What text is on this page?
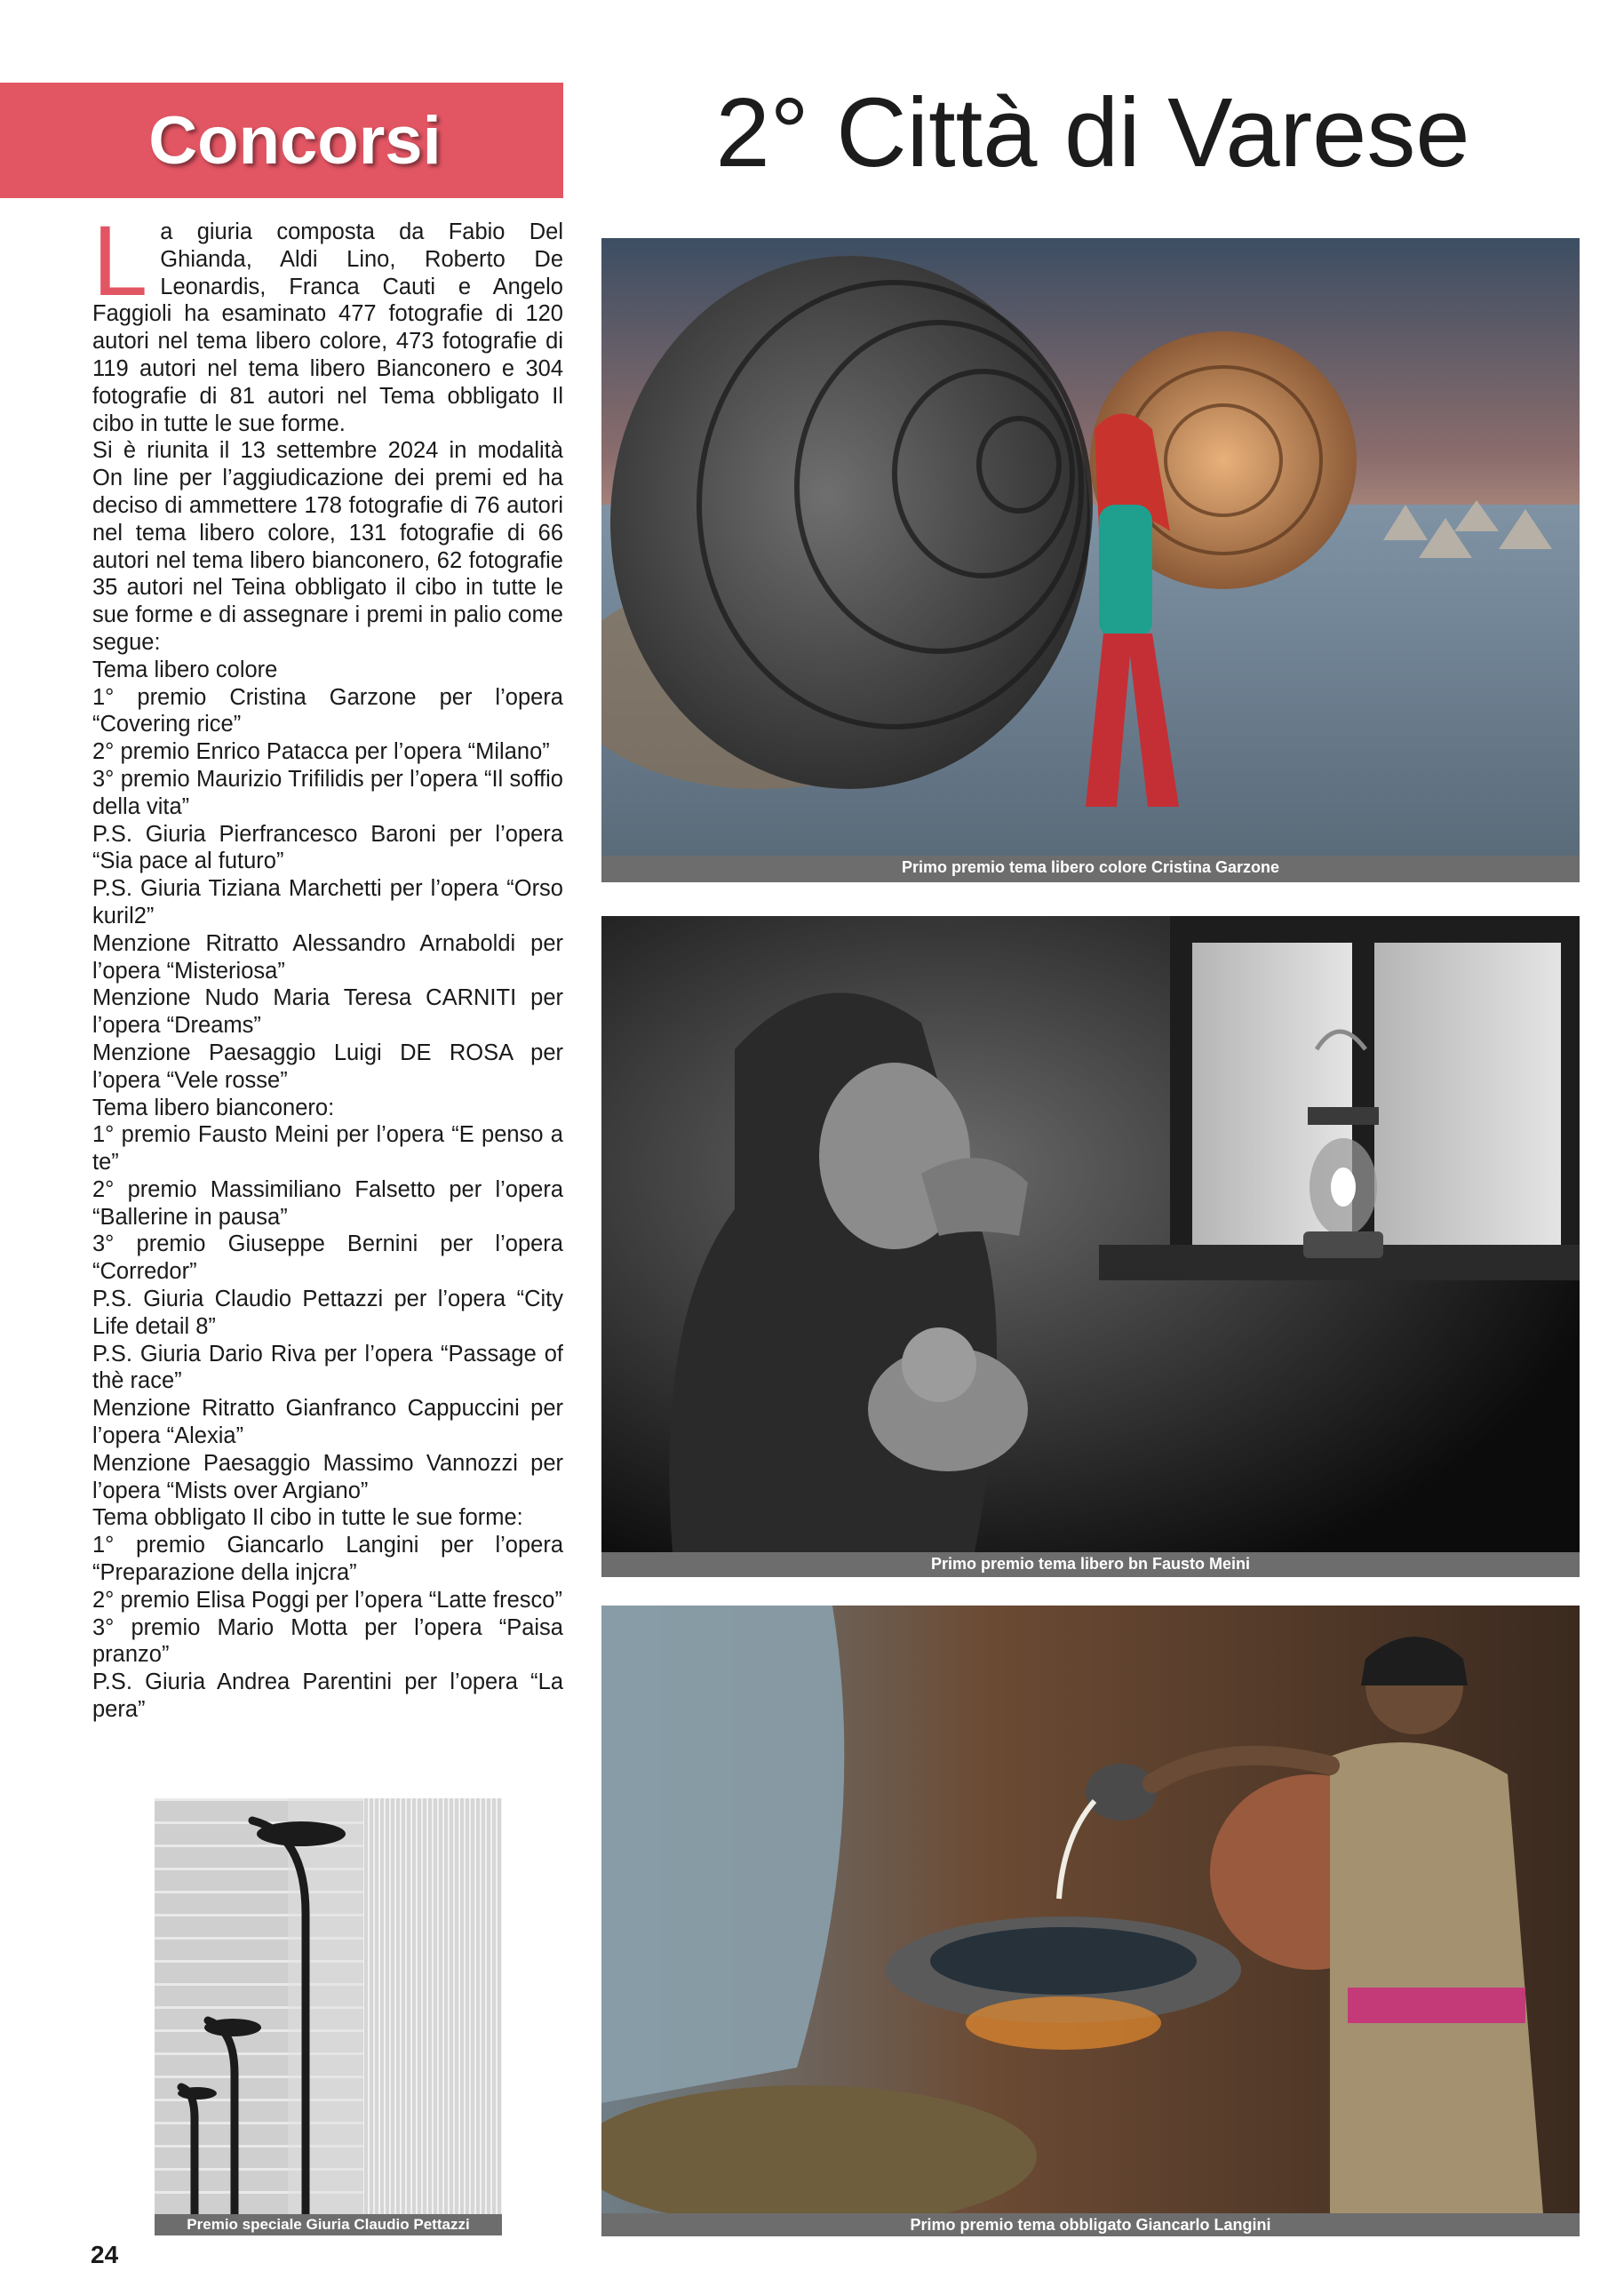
Concorsi	2° Città di Varese

La giuria composta da Fabio Del Ghianda, Aldi Lino, Roberto De Leonardis, Franca Cauti e Angelo Faggioli ha esaminato 477 fotografie di 120 autori nel tema libero colore, 473 fotografie di 119 autori nel tema libero Bianconero e 304 fotografie di 81 autori nel Tema obbligato Il cibo in tutte le sue forme.

Si è riunita il 13 settembre 2024 in modalità On line per l’aggiudicazione dei premi ed ha deciso di ammettere 178 fotografie di 76 autori nel tema libero colore, 131 fotografie di 66 autori nel tema libero bianconero, 62 fotografie 35 autori nel Teina obbligato il cibo in tutte le sue forme e di assegnare i premi in palio come segue:

Tema libero colore

1° premio Cristina Garzone per l’opera “Covering rice”

2° premio Enrico Patacca per l’opera “Milano”

3° premio Maurizio Trifilidis per l’opera “Il soffio della vita”

P.S. Giuria Pierfrancesco Baroni per l’opera “Sia pace al futuro”

P.S. Giuria Tiziana Marchetti per l’opera “Orso kuril2”

Menzione Ritratto Alessandro Arnaboldi per l’opera “Misteriosa”

Menzione Nudo Maria Teresa CARNITI per l’opera “Dreams”

Menzione Paesaggio Luigi DE ROSA per l’opera “Vele rosse”

Tema libero bianconero:

1° premio Fausto Meini per l’opera “E penso a te”

2° premio Massimiliano Falsetto per l’opera “Ballerine in pausa”

3° premio Giuseppe Bernini per l’opera “Corredor”

P.S. Giuria Claudio Pettazzi per l’opera “City Life detail 8”

P.S. Giuria Dario Riva per l’opera “Passage of thè race”

Menzione Ritratto Gianfranco Cappuccini per l’opera “Alexia”

Menzione Paesaggio Massimo Vannozzi per l’opera “Mists over Argiano”

Tema obbligato Il cibo in tutte le sue forme:

1° premio Giancarlo Langini per l’opera “Preparazione della injcra”

2° premio Elisa Poggi per l’opera “Latte fresco”

3° premio Mario Motta per l’opera “Paisa pranzo”

P.S. Giuria Andrea Parentini per l’opera “La pera”

Primo premio tema libero colore Cristina Garzone
Primo premio tema libero bn Fausto Meini
Primo premio tema obbligato Giancarlo Langini
Premio speciale Giuria Claudio Pettazzi
24
